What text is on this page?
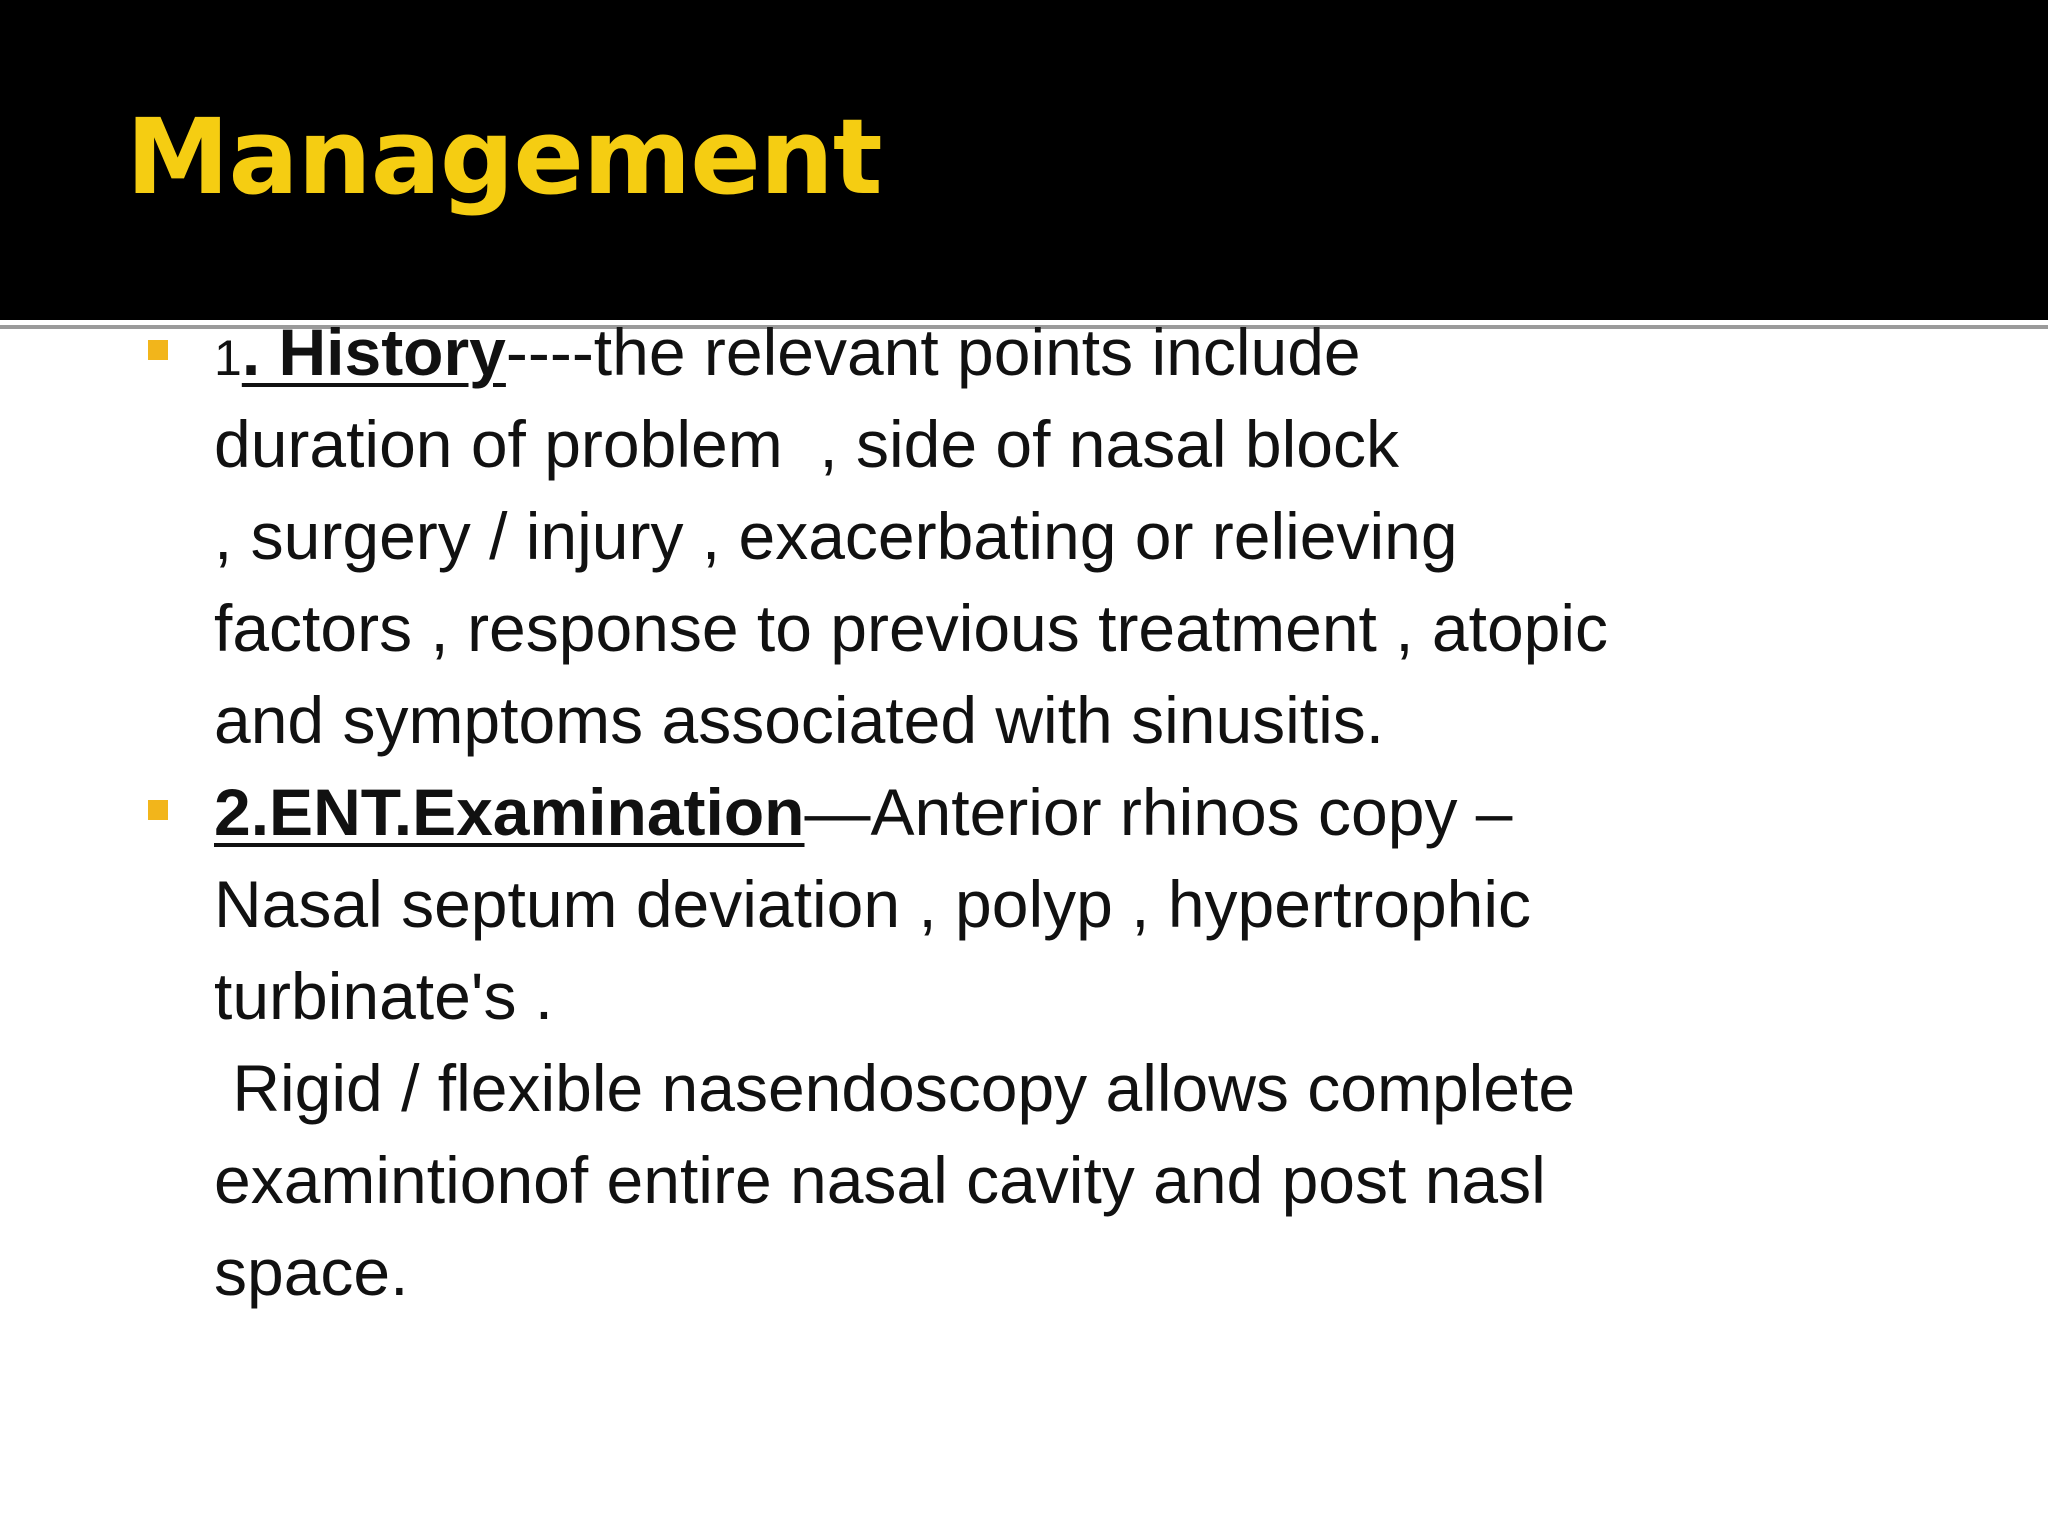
Management
1. History----the relevant points include
duration of problem  , side of nasal block
, surgery / injury , exacerbating or relieving
factors , response to previous treatment , atopic
and symptoms associated with sinusitis.
2.ENT.Examination—Anterior rhinos copy –
Nasal septum deviation , polyp , hypertrophic
turbinate's .
Rigid / flexible nasendoscopy allows complete
examintionof entire nasal cavity and post nasl
space.
